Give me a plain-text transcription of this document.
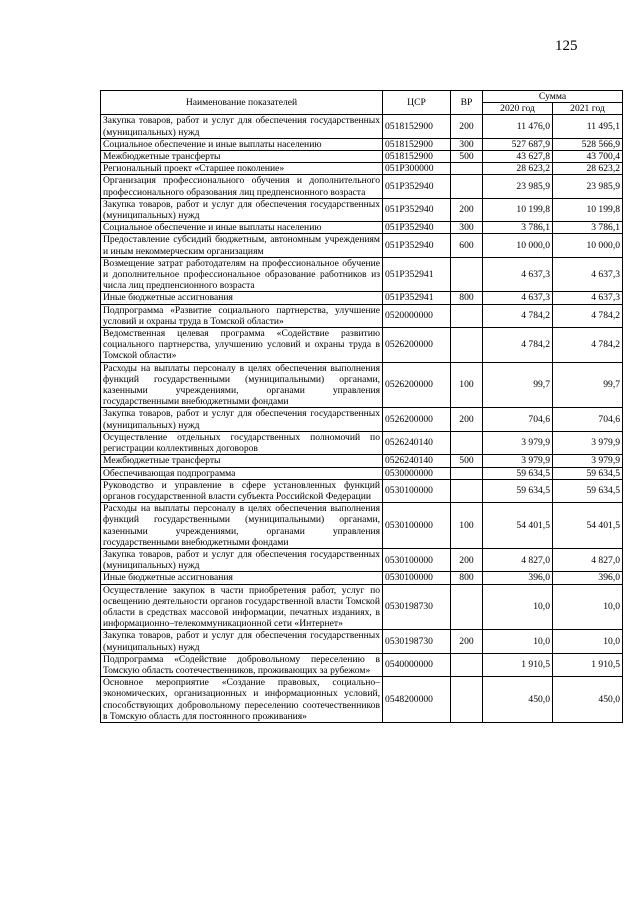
125
Наименование показателей	ЦСР	ВР	Сумма	
			2020 год	2021 год
Закупка товаров, работ и услуг для обеспечения государственных (муниципальных) нужд	0518152900	200	11 476,0	11 495,1
Социальное обеспечение и иные выплаты населению	0518152900	300	527 687,9	528 566,9
Межбюджетные трансферты	0518152900	500	43 627,8	43 700,4
Региональный проект «Старшее поколение»	051P300000		28 623,2	28 623,2
Организация профессионального обучения и дополнительного профессионального образования лиц предпенсионного возраста	051P352940		23 985,9	23 985,9
Закупка товаров, работ и услуг для обеспечения государственных (муниципальных) нужд	051P352940	200	10 199,8	10 199,8
Социальное обеспечение и иные выплаты населению	051P352940	300	3 786,1	3 786,1
Предоставление субсидий бюджетным, автономным учреждениям и иным некоммерческим организациям	051P352940	600	10 000,0	10 000,0
Возмещение затрат работодателям на профессиональное обучение и дополнительное профессиональное образование работников из числа лиц предпенсионного возраста	051P352941		4 637,3	4 637,3
Иные бюджетные ассигнования	051P352941	800	4 637,3	4 637,3
Подпрограмма «Развитие социального партнерства, улучшение условий и охраны труда в Томской области»	0520000000		4 784,2	4 784,2
Ведомственная целевая программа «Содействие развитию социального партнерства, улучшению условий и охраны труда в Томской области»	0526200000		4 784,2	4 784,2
Расходы на выплаты персоналу в целях обеспечения выполнения функций государственными (муниципальными) органами, казенными учреждениями, органами управления государственными внебюджетными фондами	0526200000	100	99,7	99,7
Закупка товаров, работ и услуг для обеспечения государственных (муниципальных) нужд	0526200000	200	704,6	704,6
Осуществление отдельных государственных полномочий по регистрации коллективных договоров	0526240140		3 979,9	3 979,9
Межбюджетные трансферты	0526240140	500	3 979,9	3 979,9
Обеспечивающая подпрограмма	0530000000		59 634,5	59 634,5
Руководство и управление в сфере установленных функций органов государственной власти субъекта Российской Федерации	0530100000		59 634,5	59 634,5
Расходы на выплаты персоналу в целях обеспечения выполнения функций государственными (муниципальными) органами, казенными учреждениями, органами управления государственными внебюджетными фондами	0530100000	100	54 401,5	54 401,5
Закупка товаров, работ и услуг для обеспечения государственных (муниципальных) нужд	0530100000	200	4 827,0	4 827,0
Иные бюджетные ассигнования	0530100000	800	396,0	396,0
Осуществление закупок в части приобретения работ, услуг по освещению деятельности органов государственной власти Томской области в средствах массовой информации, печатных изданиях, в информационно–телекоммуникационной сети «Интернет»	0530198730		10,0	10,0
Закупка товаров, работ и услуг для обеспечения государственных (муниципальных) нужд	0530198730	200	10,0	10,0
Подпрограмма «Содействие добровольному переселению в Томскую область соотечественников, проживающих за рубежом»	0540000000		1 910,5	1 910,5
Основное мероприятие «Создание правовых, социально–экономических, организационных и информационных условий, способствующих добровольному переселению соотечественников в Томскую область для постоянного проживания»	0548200000		450,0	450,0
